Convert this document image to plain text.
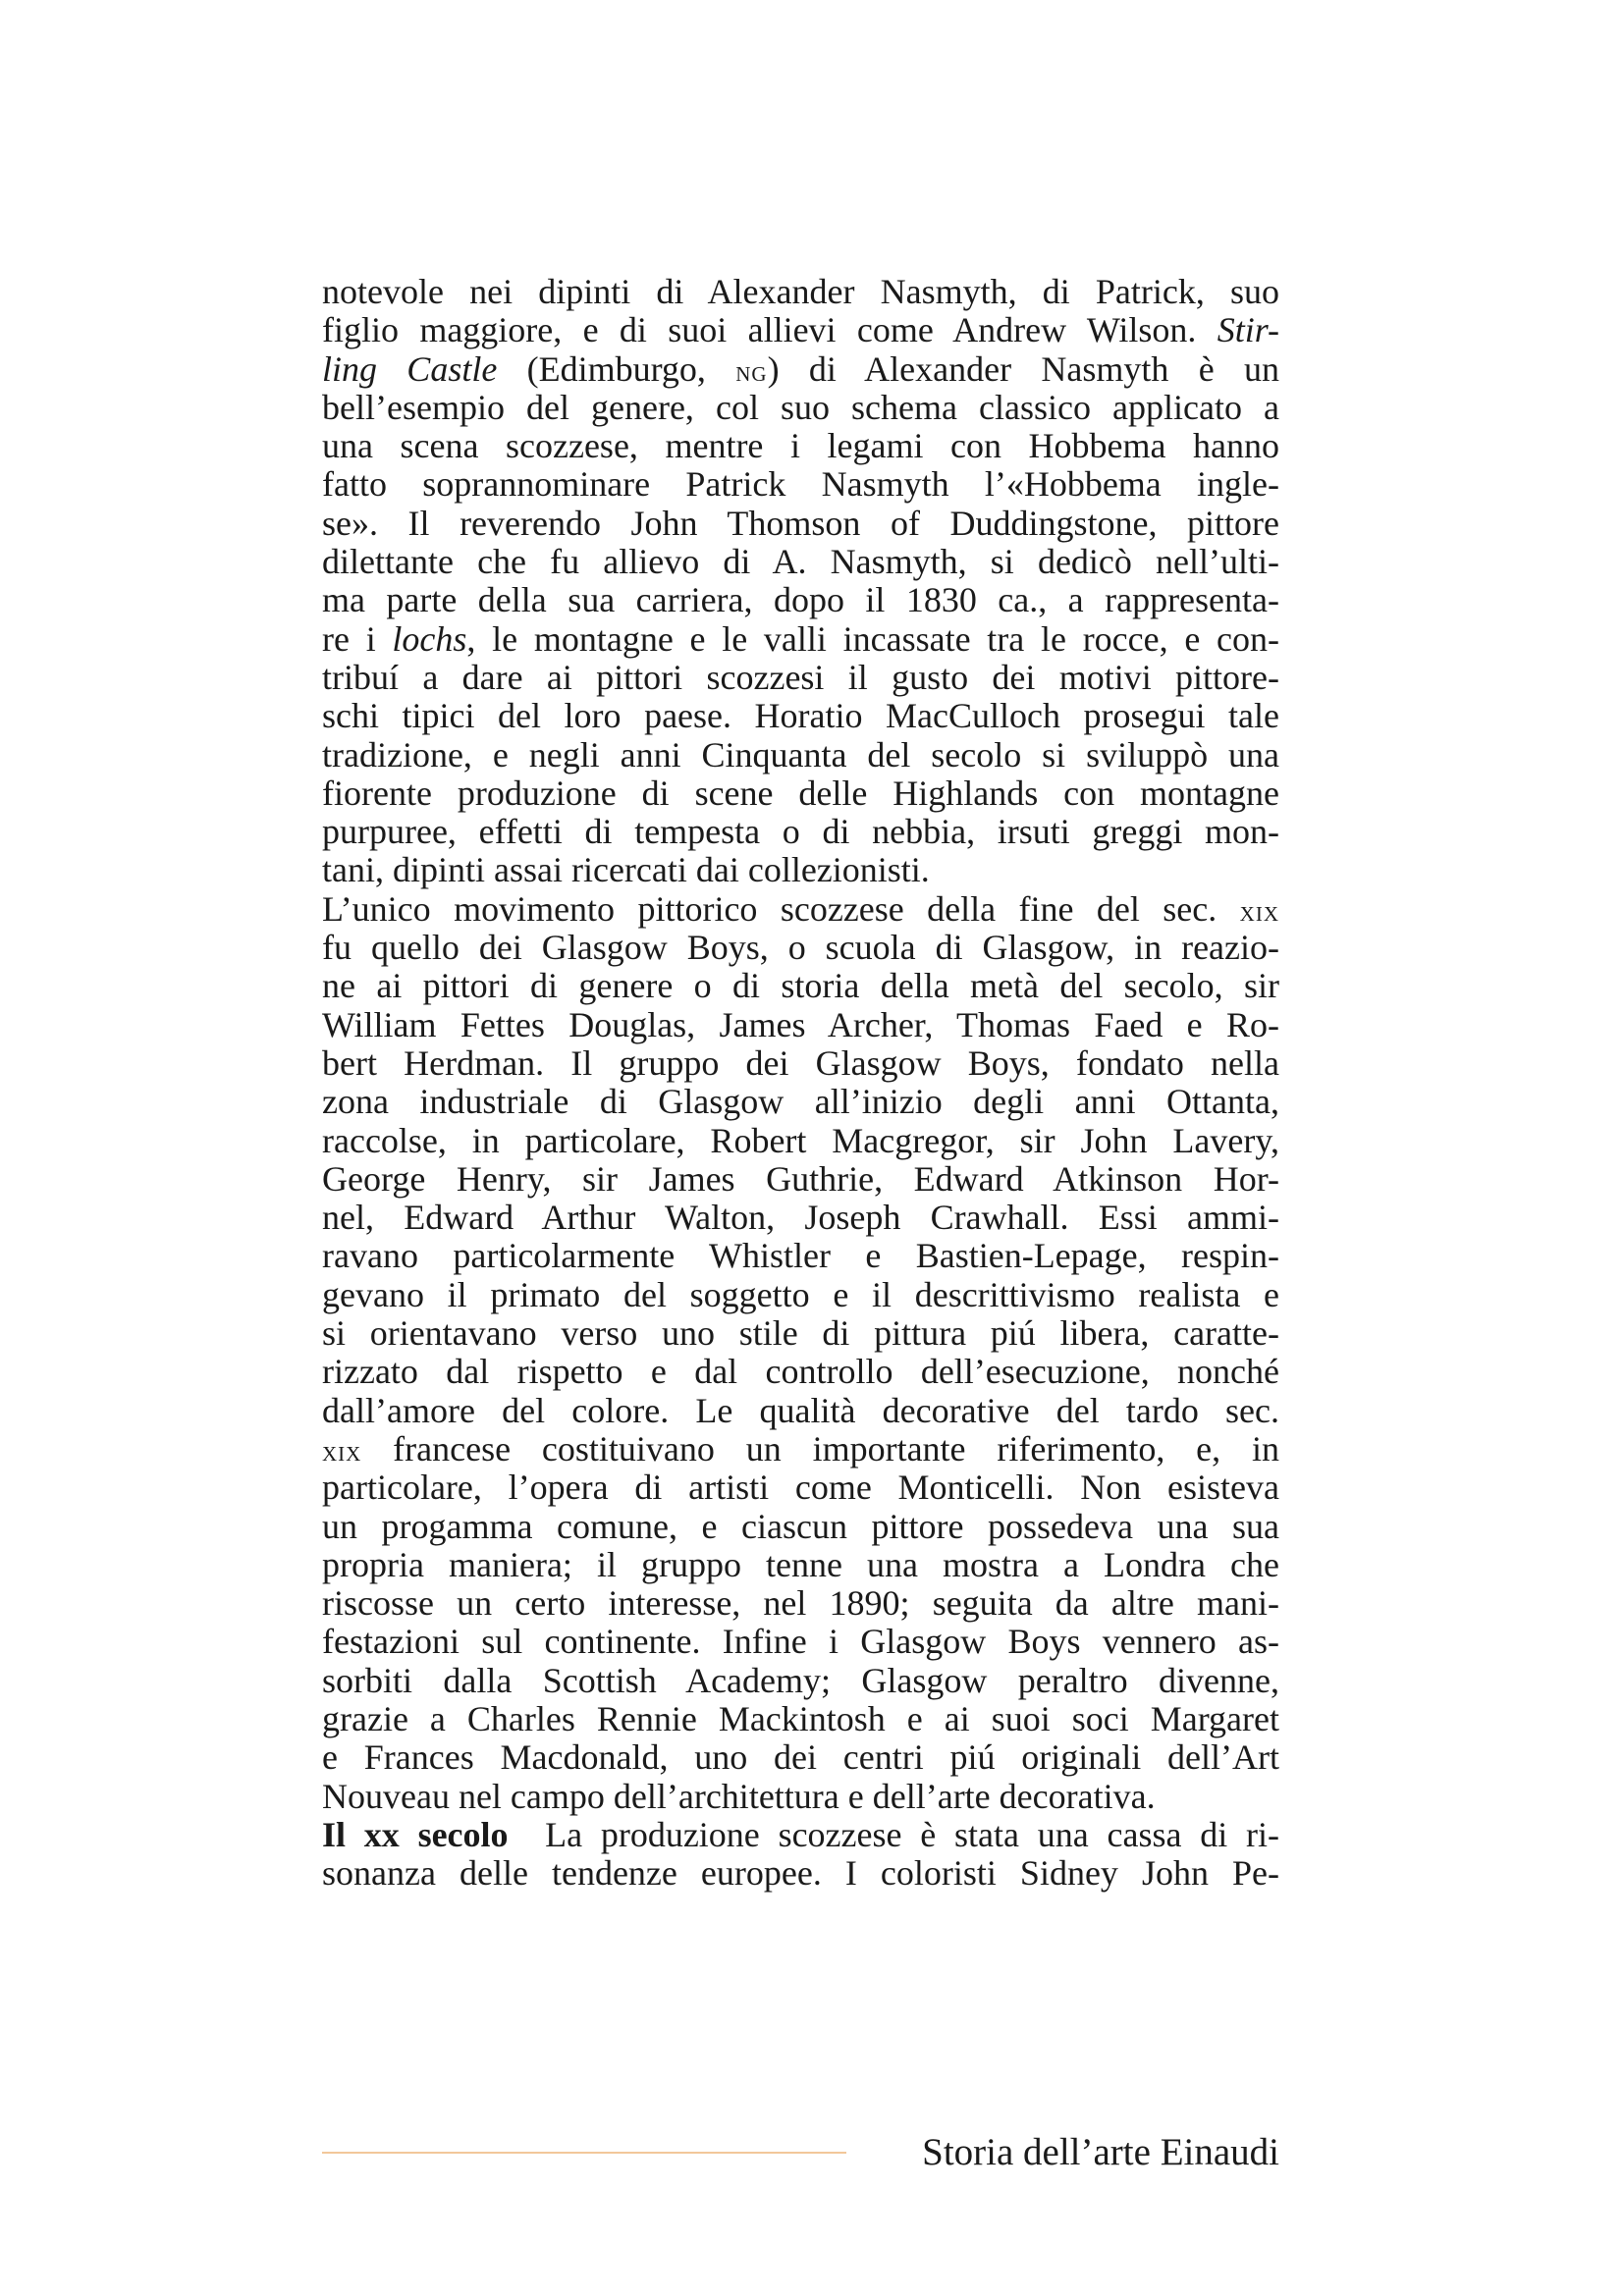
notevole nei dipinti di Alexander Nasmyth, di Patrick, suo
figlio maggiore, e di suoi allievi come Andrew Wilson. Stir-
ling Castle (Edimburgo, ng) di Alexander Nasmyth è un
bell’esempio del genere, col suo schema classico applicato a
una scena scozzese, mentre i legami con Hobbema hanno
fatto soprannominare Patrick Nasmyth l’«Hobbema ingle-
se». Il reverendo John Thomson of Duddingstone, pittore
dilettante che fu allievo di A. Nasmyth, si dedicò nell’ulti-
ma parte della sua carriera, dopo il 1830 ca., a rappresenta-
re i lochs, le montagne e le valli incassate tra le rocce, e con-
tribuí a dare ai pittori scozzesi il gusto dei motivi pittore-
schi tipici del loro paese. Horatio MacCulloch prosegui tale
tradizione, e negli anni Cinquanta del secolo si sviluppò una
fiorente produzione di scene delle Highlands con montagne
purpuree, effetti di tempesta o di nebbia, irsuti greggi mon-
tani, dipinti assai ricercati dai collezionisti.
L’unico movimento pittorico scozzese della fine del sec. xix
fu quello dei Glasgow Boys, o scuola di Glasgow, in reazio-
ne ai pittori di genere o di storia della metà del secolo, sir
William Fettes Douglas, James Archer, Thomas Faed e Ro-
bert Herdman. Il gruppo dei Glasgow Boys, fondato nella
zona industriale di Glasgow all’inizio degli anni Ottanta,
raccolse, in particolare, Robert Macgregor, sir John Lavery,
George Henry, sir James Guthrie, Edward Atkinson Hor-
nel, Edward Arthur Walton, Joseph Crawhall. Essi ammi-
ravano particolarmente Whistler e Bastien-Lepage, respin-
gevano il primato del soggetto e il descrittivismo realista e
si orientavano verso uno stile di pittura piú libera, caratte-
rizzato dal rispetto e dal controllo dell’esecuzione, nonché
dall’amore del colore. Le qualità decorative del tardo sec.
xix francese costituivano un importante riferimento, e, in
particolare, l’opera di artisti come Monticelli. Non esisteva
un progamma comune, e ciascun pittore possedeva una sua
propria maniera; il gruppo tenne una mostra a Londra che
riscosse un certo interesse, nel 1890; seguita da altre mani-
festazioni sul continente. Infine i Glasgow Boys vennero as-
sorbiti dalla Scottish Academy; Glasgow peraltro divenne,
grazie a Charles Rennie Mackintosh e ai suoi soci Margaret
e Frances Macdonald, uno dei centri piú originali dell’Art
Nouveau nel campo dell’architettura e dell’arte decorativa.
Il xx secolo  La produzione scozzese è stata una cassa di ri-
sonanza delle tendenze europee. I coloristi Sidney John Pe-
Storia dell’arte Einaudi
